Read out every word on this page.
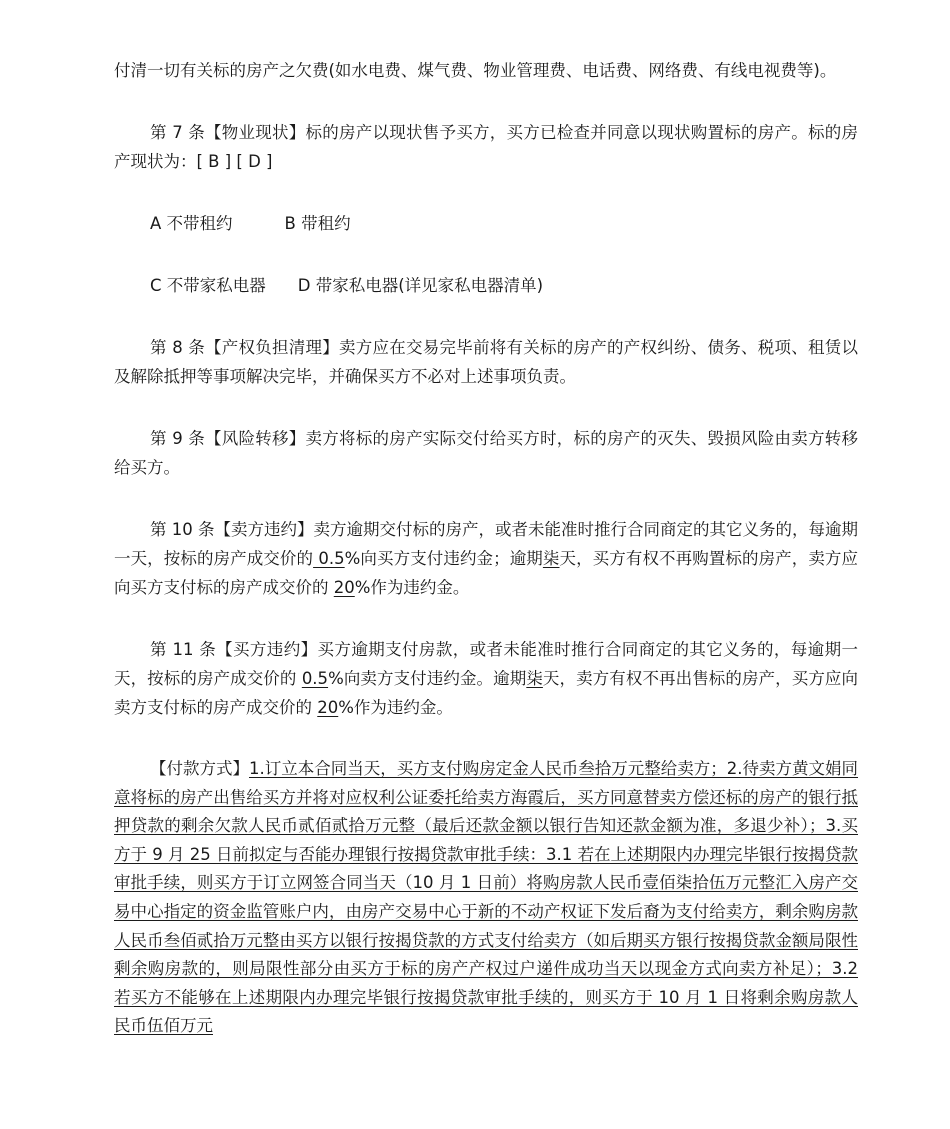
付清一切有关标的房产之欠费(如水电费、煤气费、物业管理费、电话费、网络费、有线电视费等)。

第 7 条【物业现状】标的房产以现状售予买方，买方已检查并同意以现状购置标的房产。标的房产现状为：[ B ] [ D ]

A 不带租约	B 带租约
C 不带家私电器 D 带家私电器(详见家私电器清单)

第 8 条【产权负担清理】卖方应在交易完毕前将有关标的房产的产权纠纷、债务、税项、租赁以及解除抵押等事项解决完毕，并确保买方不必对上述事项负责。

第 9 条【风险转移】卖方将标的房产实际交付给买方时，标的房产的灭失、毁损风险由卖方转移给买方。

第 10 条【卖方违约】卖方逾期交付标的房产，或者未能准时推行合同商定的其它义务的，每逾期一天，按标的房产成交价的 0.5%向买方支付违约金；逾期柒天，买方有权不再购置标的房产，卖方应向买方支付标的房产成交价的 20%作为违约金。

第 11 条【买方违约】买方逾期支付房款，或者未能准时推行合同商定的其它义务的，每逾期一天，按标的房产成交价的 0.5%向卖方支付违约金。逾期柒天，卖方有权不再出售标的房产，买方应向卖方支付标的房产成交价的 20%作为违约金。

【付款方式】1.订立本合同当天，买方支付购房定金人民币叁拾万元整给卖方；2.待卖方黄文娟同意将标的房产出售给买方并将对应权利公证委托给卖方海霞后，买方同意替卖方偿还标的房产的银行抵押贷款的剩余欠款人民币贰佰贰拾万元整（最后还款金额以银行告知还款金额为准，多退少补）；3.买方于 9 月 25 日前拟定与否能办理银行按揭贷款审批手续：3.1 若在上述期限内办理完毕银行按揭贷款审批手续，则买方于订立网签合同当天（10 月 1 日前）将购房款人民币壹佰柒拾伍万元整汇入房产交易中心指定的资金监管账户内，由房产交易中心于新的不动产权证下发后裔为支付给卖方，剩余购房款人民币叁佰贰拾万元整由买方以银行按揭贷款的方式支付给卖方（如后期买方银行按揭贷款金额局限性剩余购房款的，则局限性部分由买方于标的房产产权过户递件成功当天以现金方式向卖方补足）；3.2 若买方不能够在上述期限内办理完毕银行按揭贷款审批手续的，则买方于 10 月 1 日将剩余购房款人民币伍佰万元
